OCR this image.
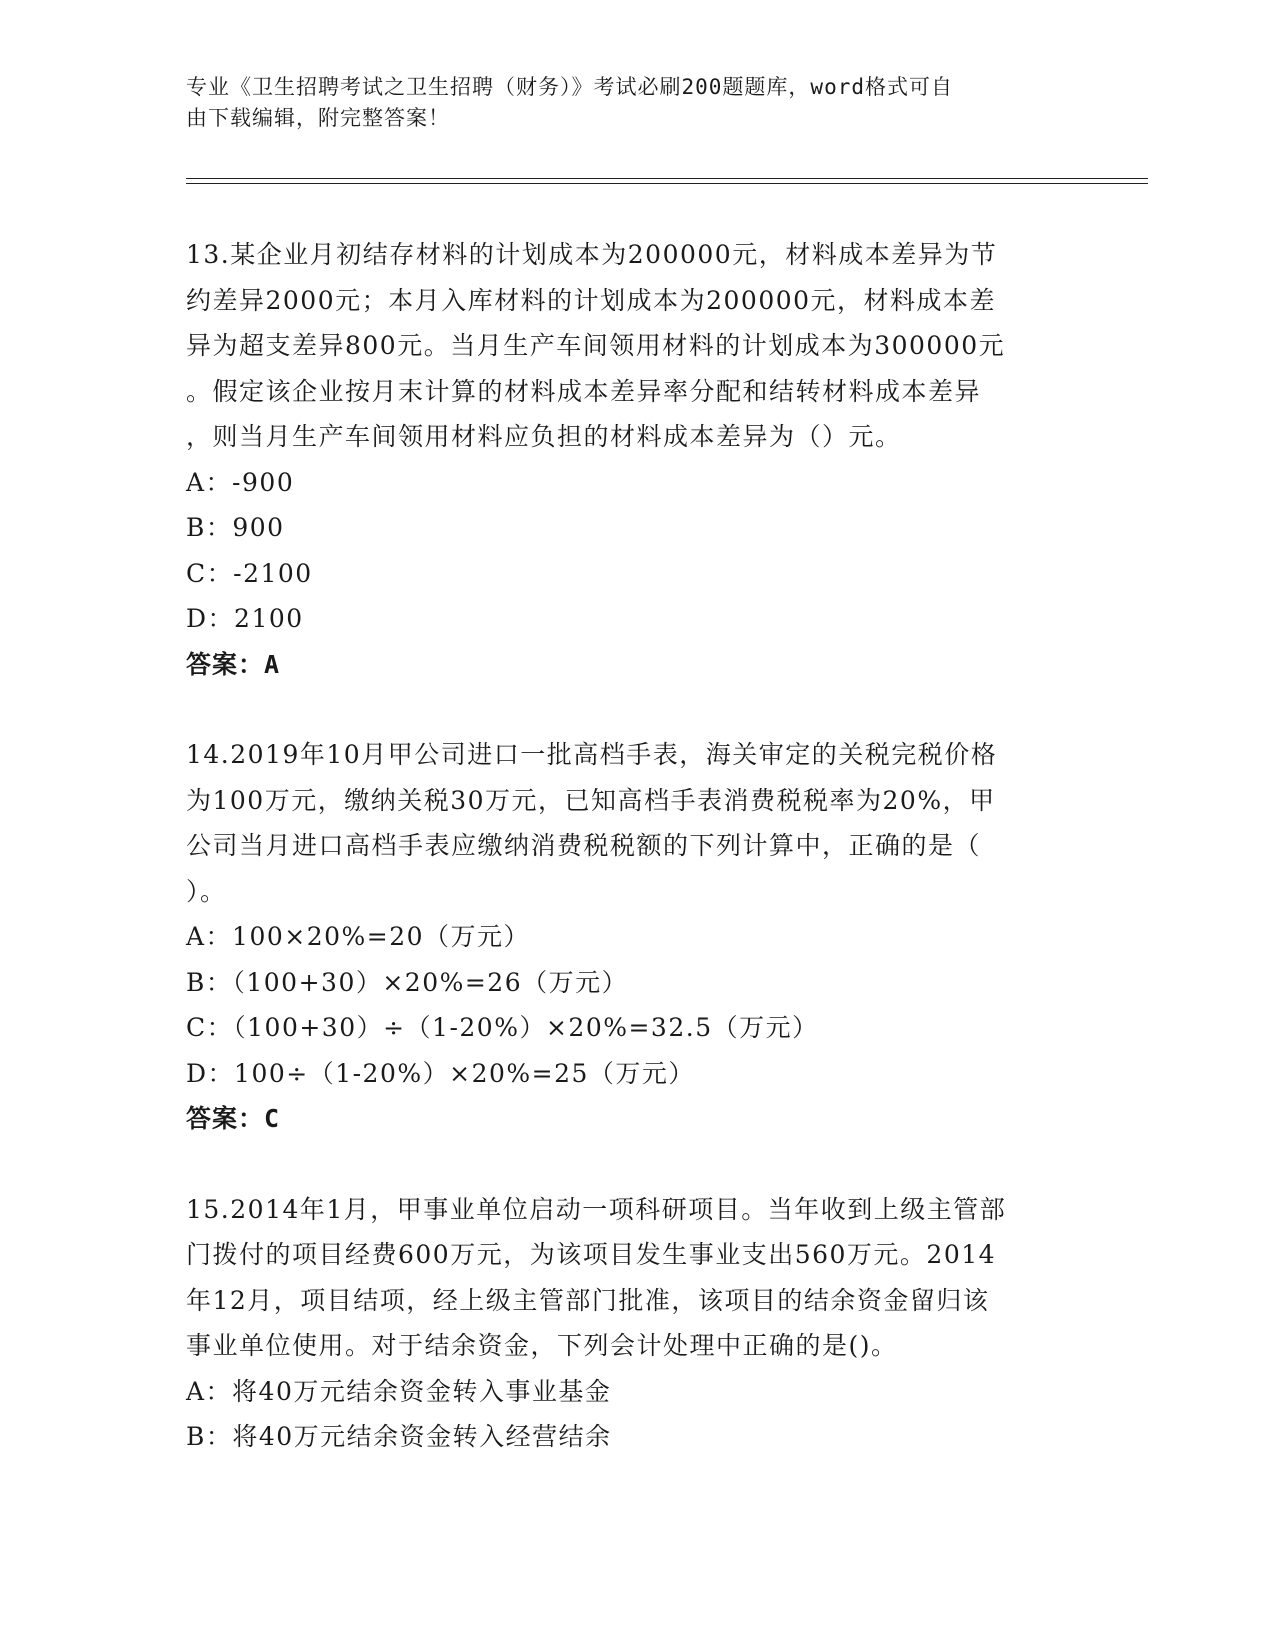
专业《卫生招聘考试之卫生招聘（财务）》考试必刷200题题库，word格式可自
由下载编辑，附完整答案！
13.某企业月初结存材料的计划成本为200000元，材料成本差异为节
约差异2000元；本月入库材料的计划成本为200000元，材料成本差
异为超支差异800元。当月生产车间领用材料的计划成本为300000元
。假定该企业按月末计算的材料成本差异率分配和结转材料成本差异
，则当月生产车间领用材料应负担的材料成本差异为（）元。
A：-900
B：900
C：-2100
D：2100
答案：A
14.2019年10月甲公司进口一批高档手表，海关审定的关税完税价格
为100万元，缴纳关税30万元，已知高档手表消费税税率为20%，甲
公司当月进口高档手表应缴纳消费税税额的下列计算中，正确的是（
）。
A：100×20%=20（万元）
B：（100+30）×20%=26（万元）
C：（100+30）÷（1-20%）×20%=32.5（万元）
D：100÷（1-20%）×20%=25（万元）
答案：C
15.2014年1月，甲事业单位启动一项科研项目。当年收到上级主管部
门拨付的项目经费600万元，为该项目发生事业支出560万元。2014
年12月，项目结项，经上级主管部门批准，该项目的结余资金留归该
事业单位使用。对于结余资金，下列会计处理中正确的是()。
A：将40万元结余资金转入事业基金
B：将40万元结余资金转入经营结余
